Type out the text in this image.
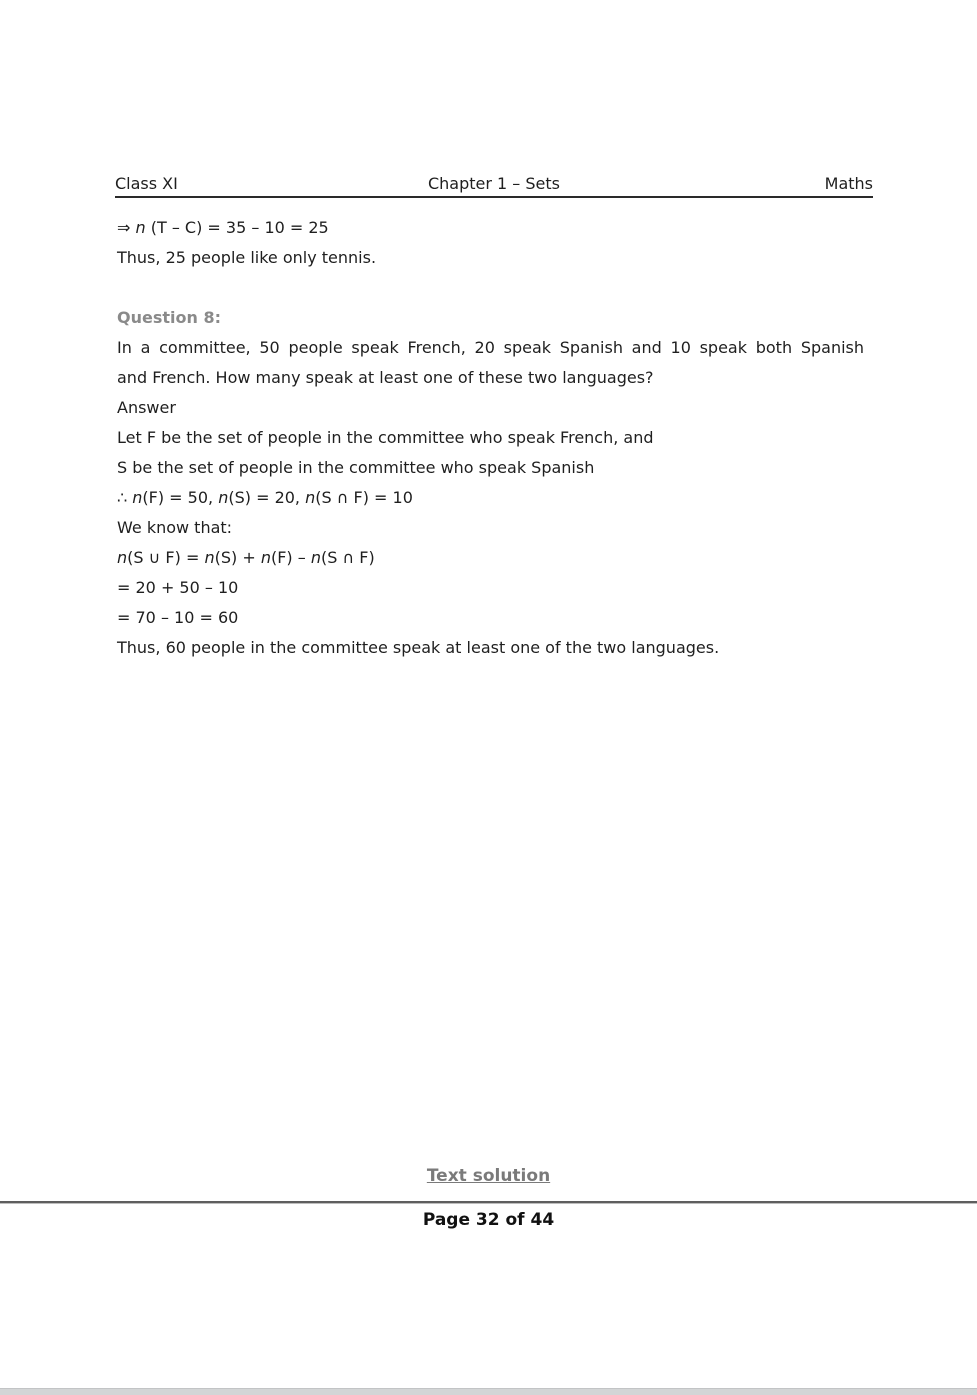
Class XI	Chapter 1 – Sets	Maths
⇒ n (T – C) = 35 – 10 = 25
Thus, 25 people like only tennis.
Question 8:
In a committee, 50 people speak French, 20 speak Spanish and 10 speak both Spanish
and French. How many speak at least one of these two languages?
Answer
Let F be the set of people in the committee who speak French, and
S be the set of people in the committee who speak Spanish
∴ n(F) = 50, n(S) = 20, n(S ∩ F) = 10
We know that:
n(S ∪ F) = n(S) + n(F) – n(S ∩ F)
= 20 + 50 – 10
= 70 – 10 = 60
Thus, 60 people in the committee speak at least one of the two languages.
Text solution
Page 32 of 44
